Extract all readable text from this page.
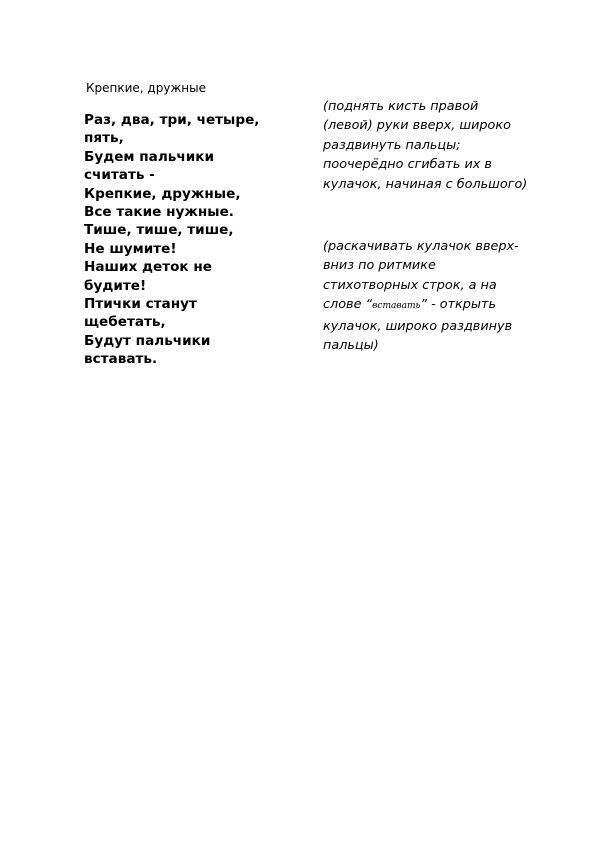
Крепкие, дружные
Раз, два, три, четыре,
пять,
Будем пальчики
считать -
Крепкие, дружные,
Все такие нужные.
Тише, тише, тише,
Не шумите!
Наших деток не
будите!
Птички станут
щебетать,
Будут пальчики
вставать.
(поднять кисть правой
(левой) руки вверх, широко
раздвинуть пальцы;
поочерёдно сгибать их в
кулачок, начиная с большого)
(раскачивать кулачок вверх-
вниз по ритмике
стихотворных строк, а на
слове “вставать” - открыть
кулачок, широко раздвинув
пальцы)
